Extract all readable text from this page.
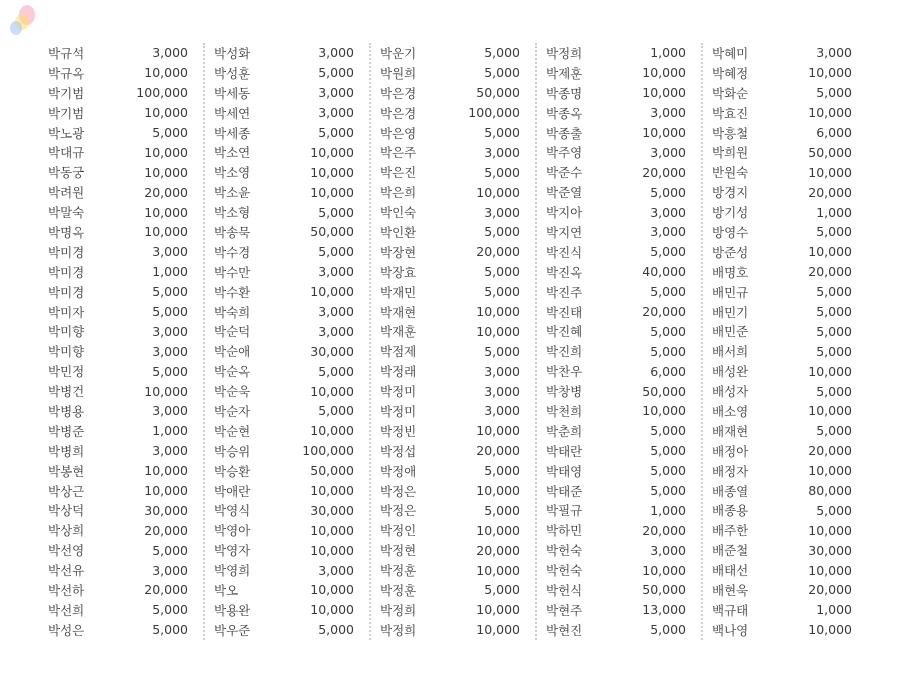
박규석	3,000
박규옥	10,000
박기범	100,000
박기범	10,000
박노광	5,000
박대규	10,000
박동궁	10,000
박려원	20,000
박말숙	10,000
박명옥	10,000
박미경	3,000
박미경	1,000
박미경	5,000
박미자	5,000
박미향	3,000
박미향	3,000
박민정	5,000
박병건	10,000
박병용	3,000
박병준	1,000
박병희	3,000
박봉현	10,000
박상근	10,000
박상덕	30,000
박상희	20,000
박선영	5,000
박선유	3,000
박선하	20,000
박선희	5,000
박성은	5,000
박성화	3,000
박성훈	5,000
박세동	3,000
박세연	3,000
박세종	5,000
박소연	10,000
박소영	10,000
박소윤	10,000
박소형	5,000
박송묵	50,000
박수경	5,000
박수만	3,000
박수환	10,000
박숙희	3,000
박순덕	3,000
박순애	30,000
박순옥	5,000
박순욱	10,000
박순자	5,000
박순현	10,000
박승위	100,000
박승환	50,000
박애란	10,000
박영식	30,000
박영아	10,000
박영자	10,000
박영희	3,000
박오	10,000
박용완	10,000
박우준	5,000
박운기	5,000
박원희	5,000
박은경	50,000
박은경	100,000
박은영	5,000
박은주	3,000
박은진	5,000
박은희	10,000
박인숙	3,000
박인환	5,000
박장현	20,000
박장효	5,000
박재민	5,000
박재현	10,000
박재훈	10,000
박점제	5,000
박정래	3,000
박정미	3,000
박정미	3,000
박정빈	10,000
박정섭	20,000
박정애	5,000
박정은	10,000
박정은	5,000
박정인	10,000
박정현	20,000
박정훈	10,000
박정훈	5,000
박정희	10,000
박정희	10,000
박정희	1,000
박제훈	10,000
박종명	10,000
박종옥	3,000
박종출	10,000
박주영	3,000
박준수	20,000
박준열	5,000
박지아	3,000
박지연	3,000
박진식	5,000
박진옥	40,000
박진주	5,000
박진태	20,000
박진혜	5,000
박진희	5,000
박찬우	6,000
박창병	50,000
박천희	10,000
박춘희	5,000
박태란	5,000
박태영	5,000
박태준	5,000
박필규	1,000
박하민	20,000
박헌숙	3,000
박헌숙	10,000
박헌식	50,000
박현주	13,000
박현진	5,000
박혜미	3,000
박혜정	10,000
박화순	5,000
박효진	10,000
박흥철	6,000
박희원	50,000
반원숙	10,000
방경지	20,000
방기성	1,000
방영수	5,000
방준성	10,000
배명호	20,000
배민규	5,000
배민기	5,000
배민준	5,000
배서희	5,000
배성완	10,000
배성자	5,000
배소영	10,000
배재현	5,000
배정아	20,000
배정자	10,000
배종열	80,000
배종용	5,000
배주한	10,000
배준철	30,000
배태선	10,000
배현욱	20,000
백규태	1,000
백나영	10,000
